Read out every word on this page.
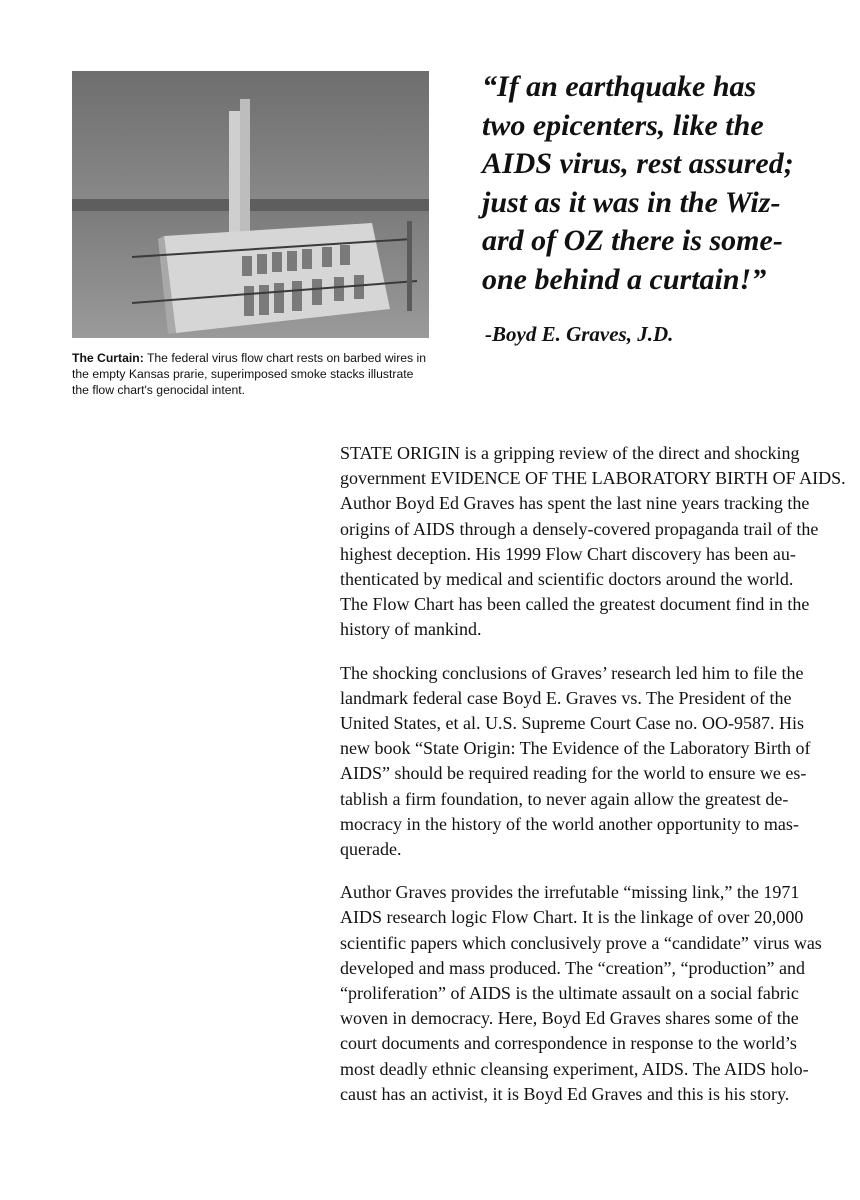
The Curtain: The federal virus flow chart rests on barbed wires in the empty Kansas prarie, superimposed smoke stacks illustrate the flow chart's genocidal intent.

“If an earthquake has

two epicenters, like the

AIDS virus, rest assured;

just as it was in the Wiz-

ard of OZ there is some-

one behind a curtain!”

-Boyd E. Graves, J.D.

STATE ORIGIN is a gripping review of the direct and shocking
government EVIDENCE OF THE LABORATORY BIRTH OF AIDS.
Author Boyd Ed Graves has spent the last nine years tracking the
origins of AIDS through a densely-covered propaganda trail of the
highest deception. His 1999 Flow Chart discovery has been au-
thenticated by medical and scientific doctors around the world.
The Flow Chart has been called the greatest document find in the
history of mankind.

The shocking conclusions of Graves’ research led him to file the
landmark federal case Boyd E. Graves vs. The President of the
United States, et al. U.S. Supreme Court Case no. OO-9587. His
new book “State Origin: The Evidence of the Laboratory Birth of
AIDS” should be required reading for the world to ensure we es-
tablish a firm foundation, to never again allow the greatest de-
mocracy in the history of the world another opportunity to mas-
querade.

Author Graves provides the irrefutable “missing link,” the 1971
AIDS research logic Flow Chart. It is the linkage of over 20,000
scientific papers which conclusively prove a “candidate” virus was
developed and mass produced. The “creation”, “production” and
“proliferation” of AIDS is the ultimate assault on a social fabric
woven in democracy. Here, Boyd Ed Graves shares some of the
court documents and correspondence in response to the world’s
most deadly ethnic cleansing experiment, AIDS. The AIDS holo-
caust has an activist, it is Boyd Ed Graves and this is his story.
